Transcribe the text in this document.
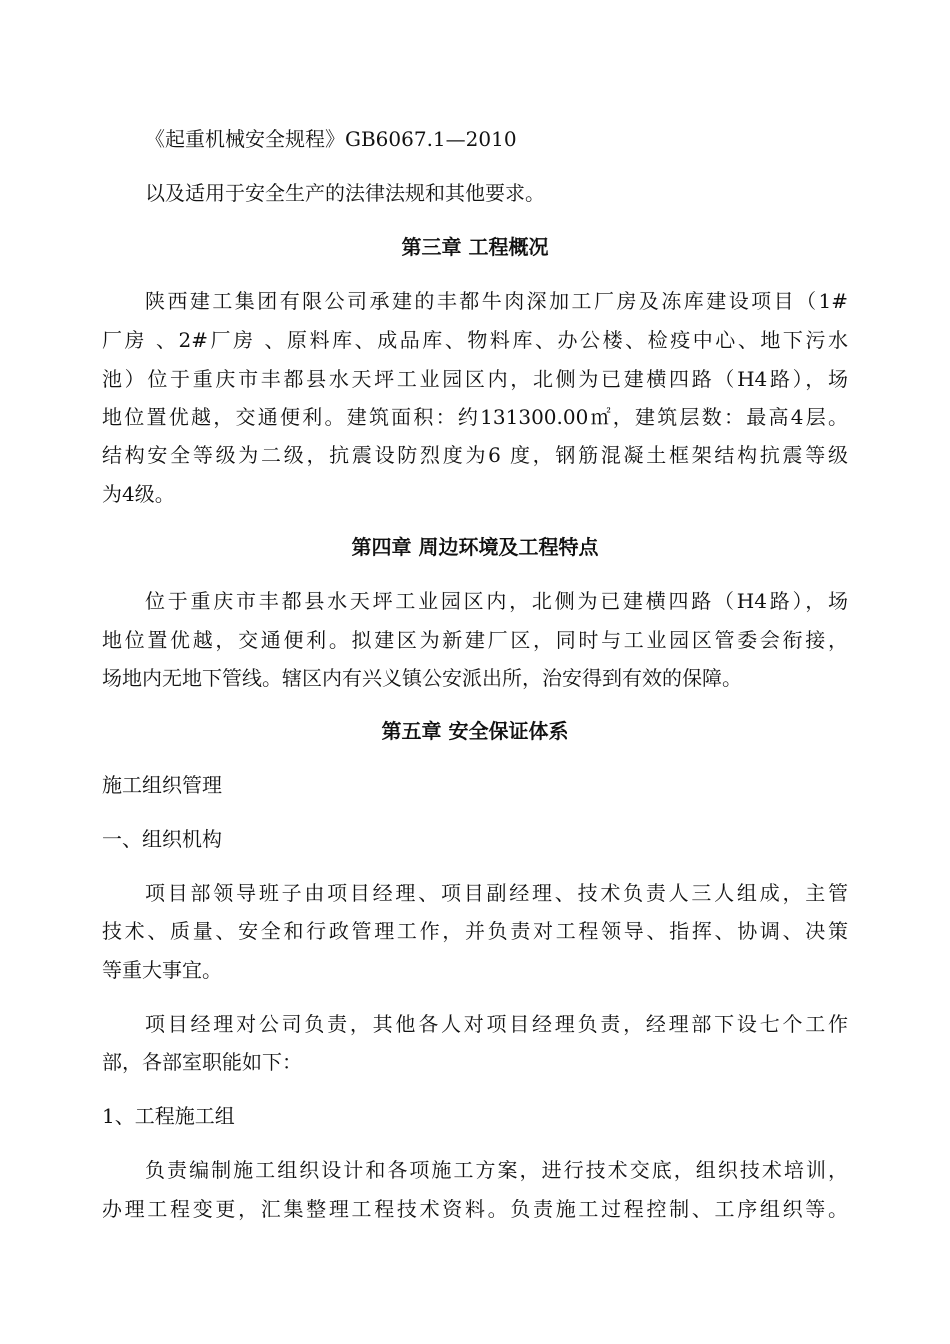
《起重机械安全规程》GB6067.1—2010
以及适用于安全生产的法律法规和其他要求。
第三章 工程概况
陕西建工集团有限公司承建的丰都牛肉深加工厂房及冻库建设项目（1#
厂房 、2#厂房 、原料库、成品库、物料库、办公楼、检疫中心、地下污水
池）位于重庆市丰都县水天坪工业园区内，北侧为已建横四路（H4路），场
地位置优越，交通便利。建筑面积：约131300.00㎡，建筑层数：最高4层。
结构安全等级为二级，抗震设防烈度为6 度，钢筋混凝土框架结构抗震等级
为4级。
第四章 周边环境及工程特点
位于重庆市丰都县水天坪工业园区内，北侧为已建横四路（H4路），场
地位置优越，交通便利。拟建区为新建厂区，同时与工业园区管委会衔接，
场地内无地下管线。辖区内有兴义镇公安派出所，治安得到有效的保障。
第五章 安全保证体系
施工组织管理
一、组织机构
项目部领导班子由项目经理、项目副经理、技术负责人三人组成，主管
技术、质量、安全和行政管理工作，并负责对工程领导、指挥、协调、决策
等重大事宜。
项目经理对公司负责，其他各人对项目经理负责，经理部下设七个工作
部，各部室职能如下：
1、工程施工组
负责编制施工组织设计和各项施工方案，进行技术交底，组织技术培训，
办理工程变更，汇集整理工程技术资料。负责施工过程控制、工序组织等。
